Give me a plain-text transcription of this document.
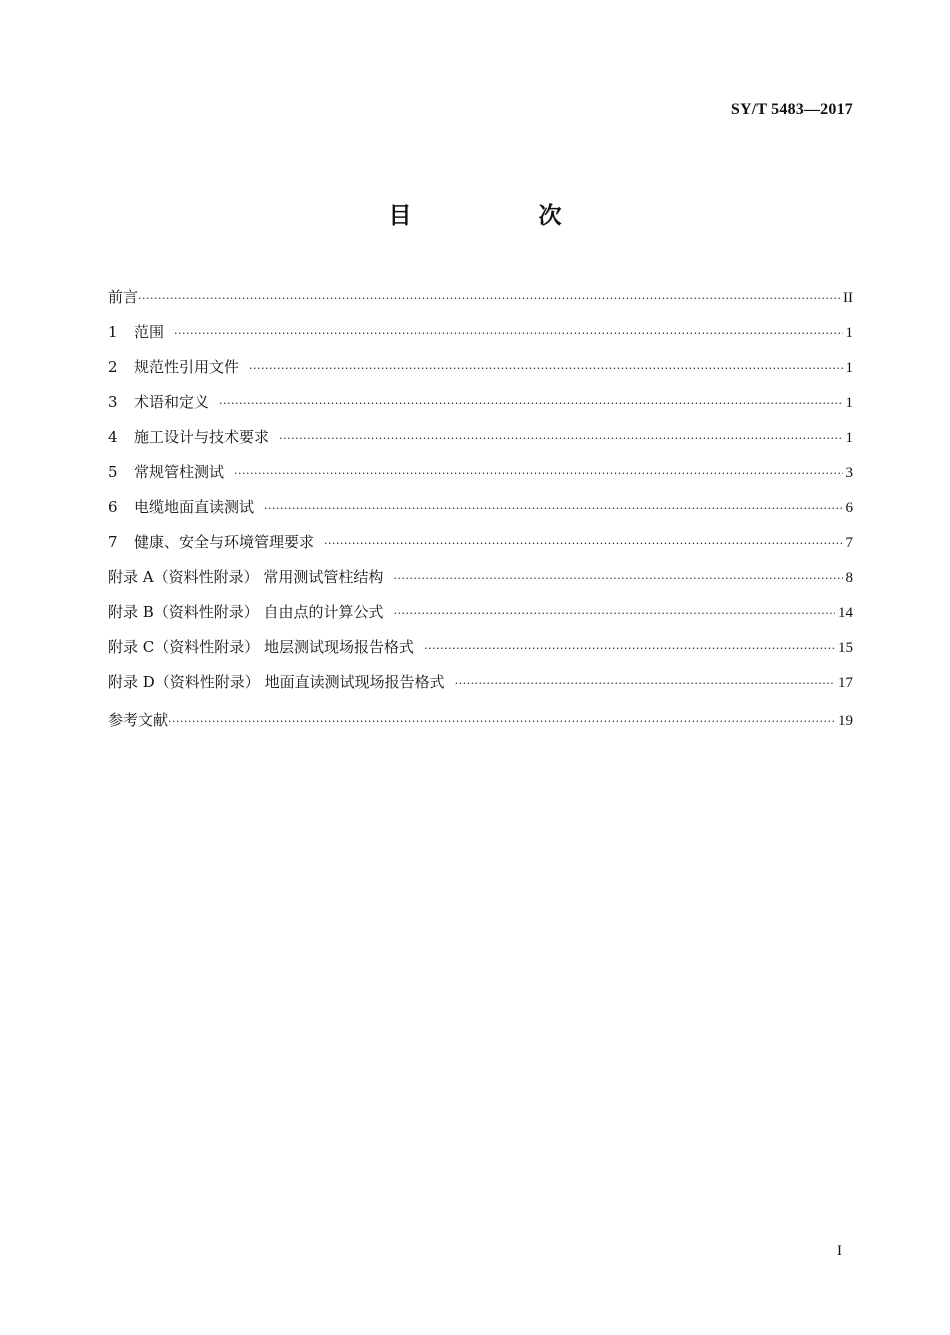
SY/T 5483—2017
目　次
前言 ·····	II
1	范围 ·····	1
2	规范性引用文件 ·····	1
3	术语和定义 ·····	1
4	施工设计与技术要求 ·····	1
5	常规管柱测试 ·····	3
6	电缆地面直读测试 ·····	6
7	健康、安全与环境管理要求 ·····	7
附录 A（资料性附录） 常用测试管柱结构 ·····	8
附录 B（资料性附录） 自由点的计算公式 ·····	14
附录 C（资料性附录） 地层测试现场报告格式 ·····	15
附录 D（资料性附录） 地面直读测试现场报告格式 ·····	17
参考文献 ·····	19
I
